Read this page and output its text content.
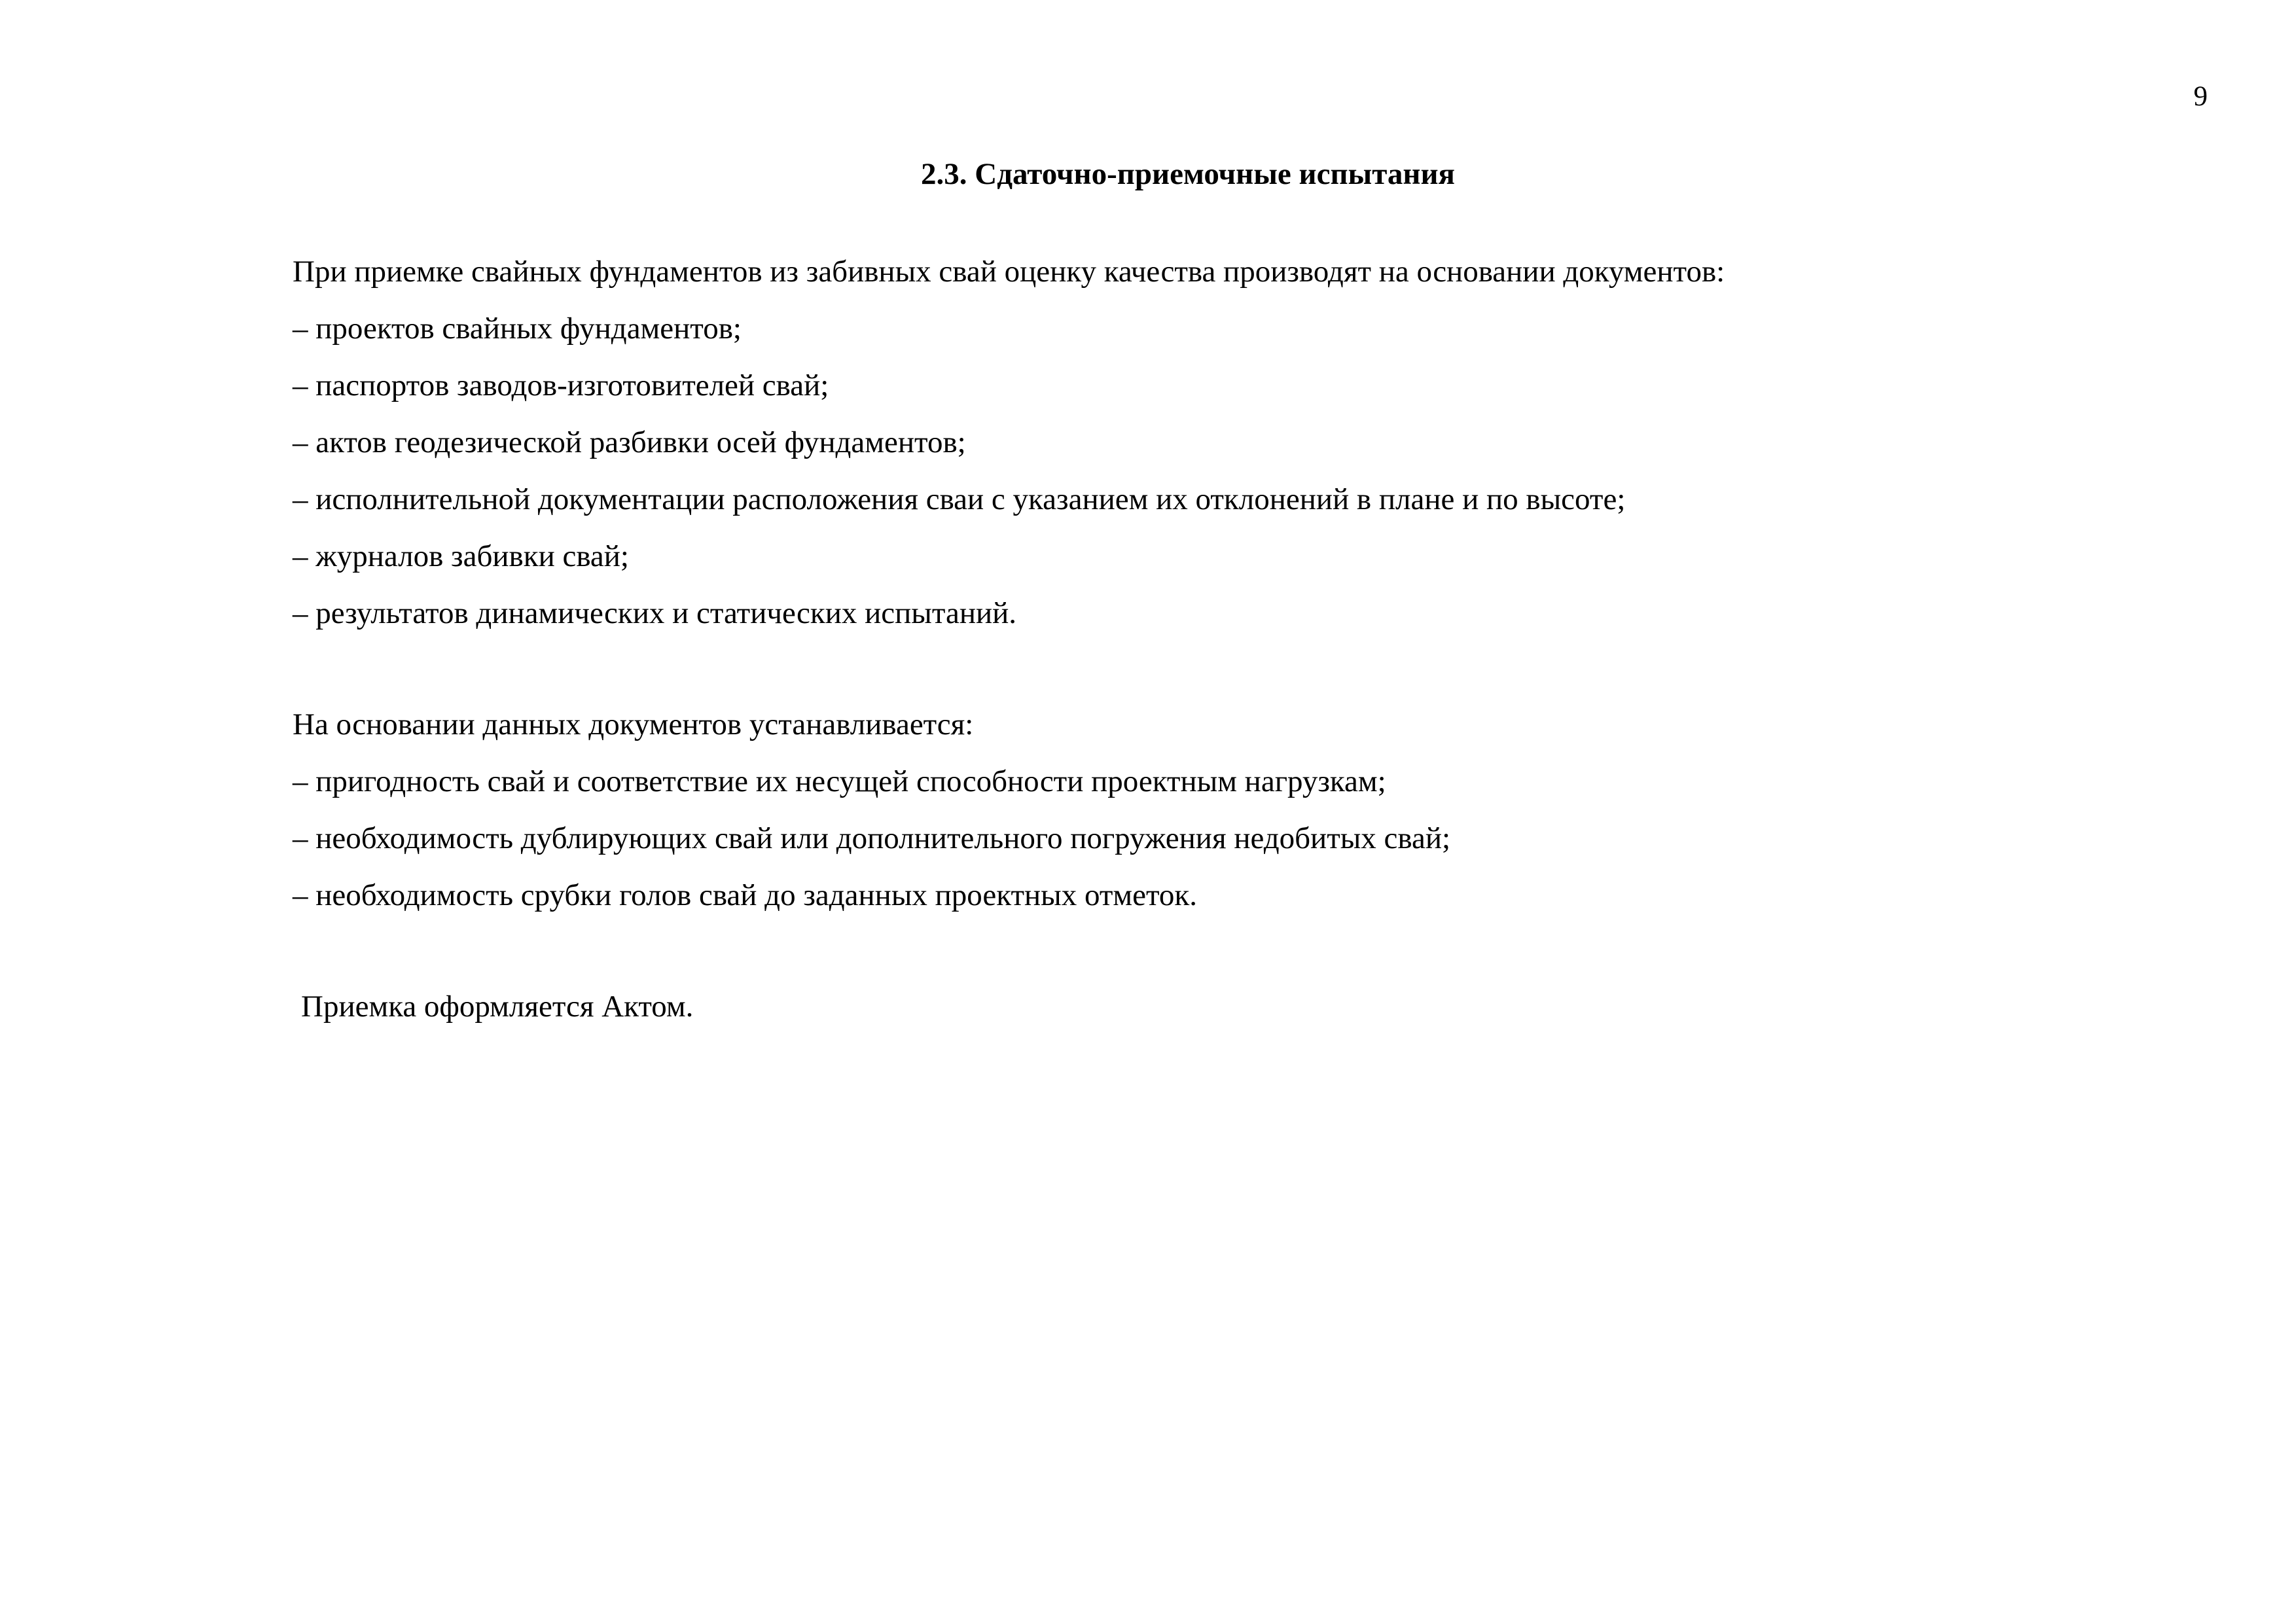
9
2.3. Сдаточно-приемочные испытания
При приемке свайных фундаментов из забивных свай оценку качества производят на основании документов:
– проектов свайных фундаментов;
– паспортов заводов-изготовителей свай;
– актов геодезической разбивки осей фундаментов;
– исполнительной документации расположения сваи с указанием их отклонений в плане и по высоте;
– журналов забивки свай;
– результатов динамических и статических испытаний.
На основании данных документов устанавливается:
– пригодность свай и соответствие их несущей способности проектным нагрузкам;
– необходимость дублирующих свай или дополнительного погружения недобитых свай;
– необходимость срубки голов свай до заданных проектных отметок.
Приемка оформляется Актом.
